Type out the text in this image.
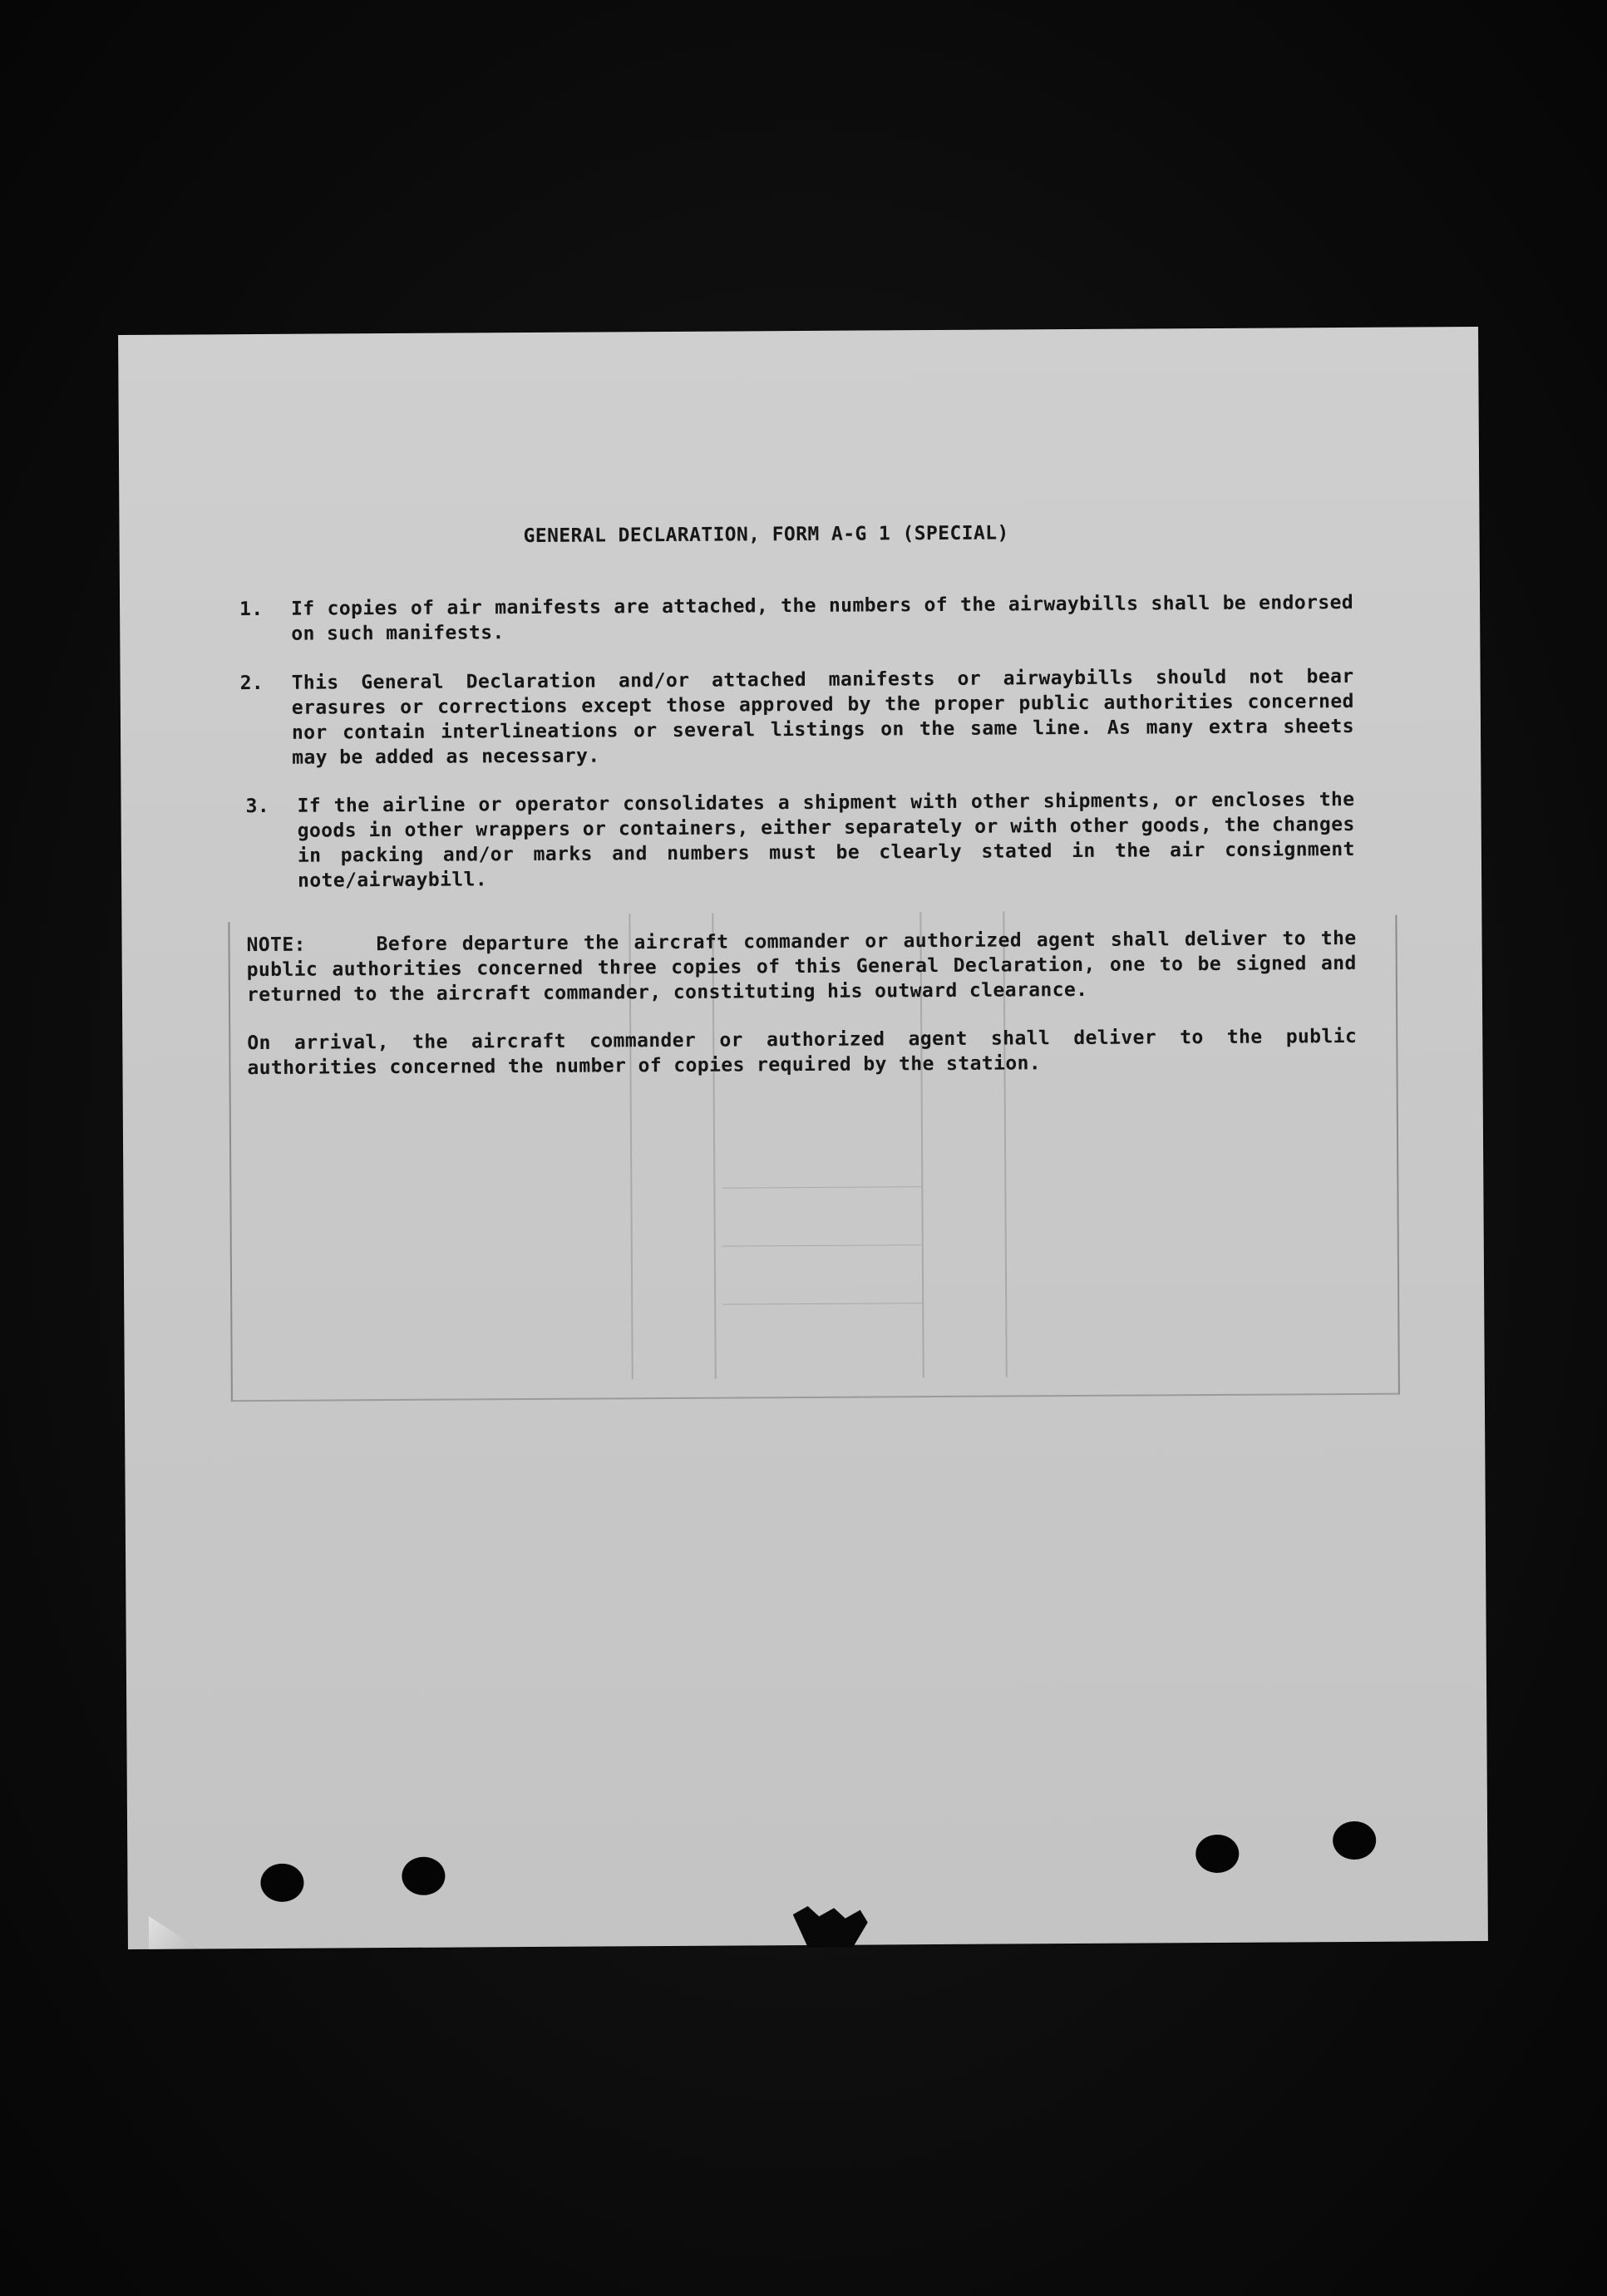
​
GENERAL DECLARATION, FORM A-G 1 (SPECIAL)
1.	If copies of air manifests are attached, the numbers of the airwaybills shall be endorsed on such manifests.
2.	This General Declaration and/or attached manifests or airwaybills should not bear erasures or corrections except those approved by the proper public authorities concerned nor contain interlineations or several listings on the same line. As many extra sheets may be added as necessary.
3.	If the airline or operator consolidates a shipment with other shipments, or encloses the goods in other wrappers or containers, either separately or with other goods, the changes in packing and/or marks and numbers must be clearly stated in the air consignment note/airwaybill.

NOTE:	Before departure the aircraft commander or authorized agent shall deliver to the public authorities concerned three copies of this General Declaration, one to be signed and returned to the aircraft commander, constituting his outward clearance.

On arrival, the aircraft commander or authorized agent shall deliver to the public authorities concerned the number of copies required by the station.
